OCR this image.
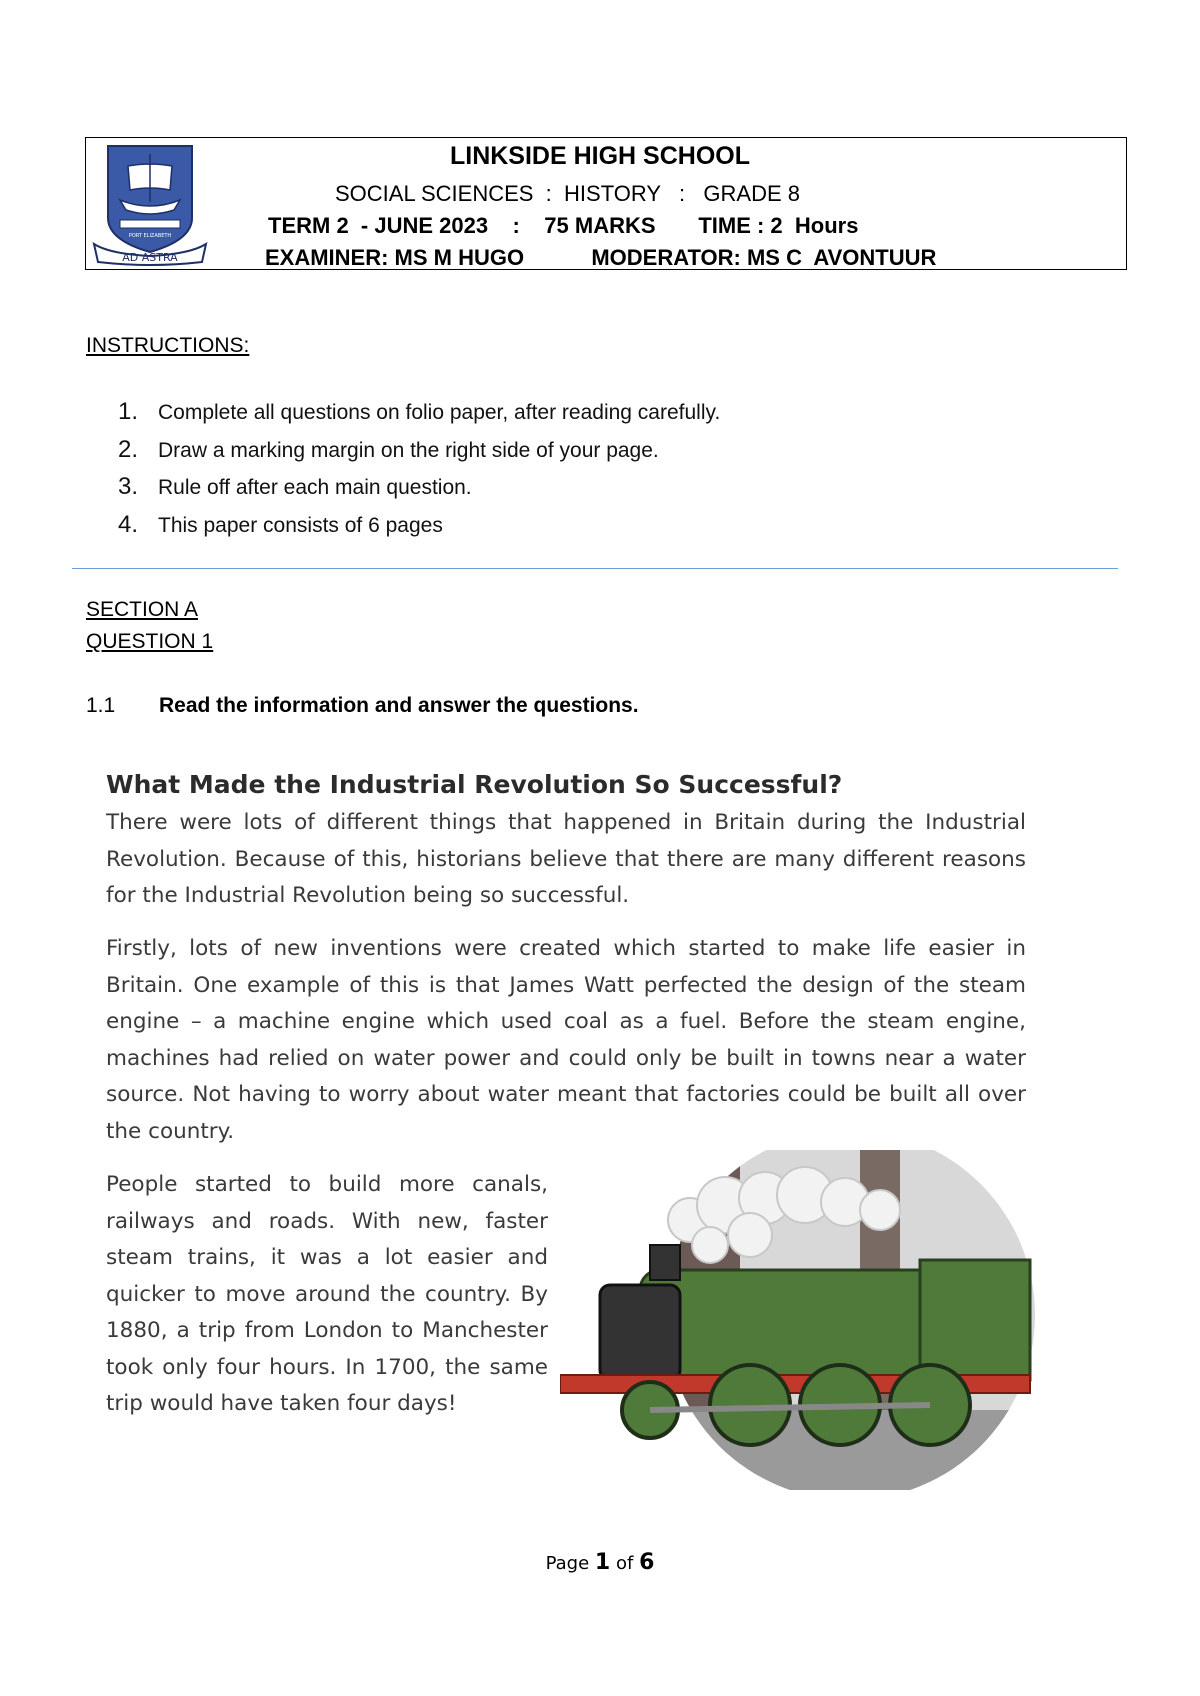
AD ASTRA
PORT ELIZABETH
LINKSIDE HIGH SCHOOL
SOCIAL SCIENCES  :  HISTORY   :   GRADE 8
TERM 2  - JUNE 2023    :    75 MARKS       TIME : 2  Hours
EXAMINER: MS M HUGO           MODERATOR: MS C  AVONTUUR
INSTRUCTIONS:
1. Complete all questions on folio paper, after reading carefully.
2. Draw a marking margin on the right side of your page.
3. Rule off after each main question.
4. This paper consists of 6 pages
SECTION A
QUESTION 1
1.1 Read the information and answer the questions.
What Made the Industrial Revolution So Successful?
There were lots of different things that happened in Britain during the Industrial Revolution. Because of this, historians believe that there are many different reasons for the Industrial Revolution being so successful.
Firstly, lots of new inventions were created which started to make life easier in Britain. One example of this is that James Watt perfected the design of the steam engine – a machine engine which used coal as a fuel. Before the steam engine, machines had relied on water power and could only be built in towns near a water source. Not having to worry about water meant that factories could be built all over the country.
People started to build more canals, railways and roads. With new, faster steam trains, it was a lot easier and quicker to move around the country. By 1880, a trip from London to Manchester took only four hours. In 1700, the same trip would have taken four days!
Page 1 of 6
